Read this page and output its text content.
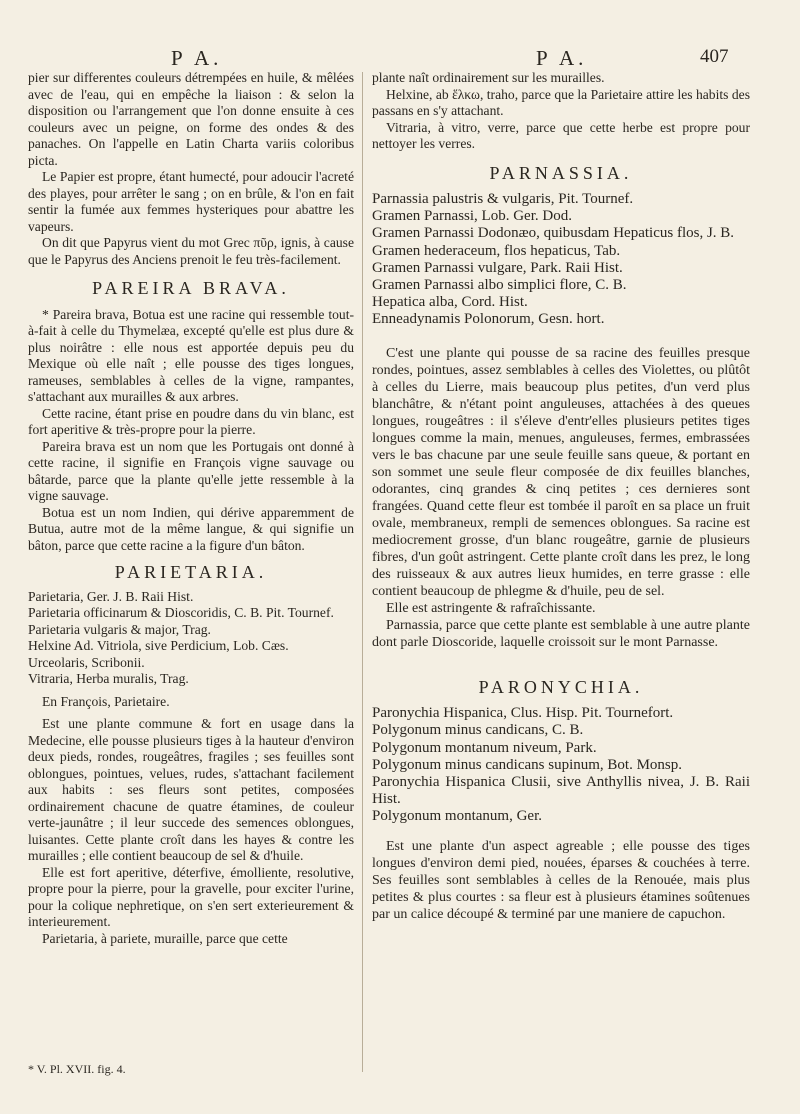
P A.	P A.	407

pier sur differentes couleurs détrempées en huile, & mêlées avec de l'eau, qui en empêche la liaison : & selon la disposition ou l'arrangement que l'on donne ensuite à ces couleurs avec un peigne, on forme des ondes & des panaches. On l'appelle en Latin Charta variis coloribus picta.

Le Papier est propre, étant humecté, pour adoucir l'acreté des playes, pour arrêter le sang ; on en brûle, & l'on en fait sentir la fumée aux femmes hysteriques pour abattre les vapeurs.

On dit que Papyrus vient du mot Grec πῦρ, ignis, à cause que le Papyrus des Anciens prenoit le feu très-facilement.

PAREIRA BRAVA.

* Pareira brava, Botua est une racine qui ressemble tout-à-fait à celle du Thymelæa, excepté qu'elle est plus dure & plus noirâtre : elle nous est apportée depuis peu du Mexique où elle naît ; elle pousse des tiges longues, rameuses, semblables à celles de la vigne, rampantes, s'attachant aux murailles & aux arbres.

Cette racine, étant prise en poudre dans du vin blanc, est fort aperitive & très-propre pour la pierre.

Pareira brava est un nom que les Portugais ont donné à cette racine, il signifie en François vigne sauvage ou bâtarde, parce que la plante qu'elle jette ressemble à la vigne sauvage.

Botua est un nom Indien, qui dérive apparemment de Butua, autre mot de la même langue, & qui signifie un bâton, parce que cette racine a la figure d'un bâton.

PARIETARIA.

Parietaria, Ger. J. B. Raii Hist.

Parietaria officinarum & Dioscoridis, C. B. Pit. Tournef.

Parietaria vulgaris & major, Trag.

Helxine Ad. Vitriola, sive Perdicium, Lob. Cæs.

Urceolaris, Scribonii.

Vitraria, Herba muralis, Trag.

En François, Parietaire.

Est une plante commune & fort en usage dans la Medecine, elle pousse plusieurs tiges à la hauteur d'environ deux pieds, rondes, rougeâtres, fragiles ; ses feuilles sont oblongues, pointues, velues, rudes, s'attachant facilement aux habits : ses fleurs sont petites, composées ordinairement chacune de quatre étamines, de couleur verte-jaunâtre ; il leur succede des semences oblongues, luisantes. Cette plante croît dans les hayes & contre les murailles ; elle contient beaucoup de sel & d'huile.

Elle est fort aperitive, déterfive, émolliente, resolutive, propre pour la pierre, pour la gravelle, pour exciter l'urine, pour la colique nephretique, on s'en sert exterieurement & interieurement.

Parietaria, à pariete, muraille, parce que cette

* V. Pl. XVII. fig. 4.

plante naît ordinairement sur les murailles.

Helxine, ab ἕλκω, traho, parce que la Parietaire attire les habits des passans en s'y attachant.

Vitraria, à vitro, verre, parce que cette herbe est propre pour nettoyer les verres.

PARNASSIA.

Parnassia palustris & vulgaris, Pit. Tournef.

Gramen Parnassi, Lob. Ger. Dod.

Gramen Parnassi Dodonæo, quibusdam Hepaticus flos, J. B.

Gramen hederaceum, flos hepaticus, Tab.

Gramen Parnassi vulgare, Park. Raii Hist.

Gramen Parnassi albo simplici flore, C. B.

Hepatica alba, Cord. Hist.

Enneadynamis Polonorum, Gesn. hort.

C'est une plante qui pousse de sa racine des feuilles presque rondes, pointues, assez semblables à celles des Violettes, ou plûtôt à celles du Lierre, mais beaucoup plus petites, d'un verd plus blanchâtre, & n'étant point anguleuses, attachées à des queues longues, rougeâtres : il s'éleve d'entr'elles plusieurs petites tiges longues comme la main, menues, anguleuses, fermes, embrassées vers le bas chacune par une seule feuille sans queue, & portant en son sommet une seule fleur composée de dix feuilles blanches, odorantes, cinq grandes & cinq petites ; ces dernieres sont frangées. Quand cette fleur est tombée il paroît en sa place un fruit ovale, membraneux, rempli de semences oblongues. Sa racine est mediocrement grosse, d'un blanc rougeâtre, garnie de plusieurs fibres, d'un goût astringent. Cette plante croît dans les prez, le long des ruisseaux & aux autres lieux humides, en terre grasse : elle contient beaucoup de phlegme & d'huile, peu de sel.

Elle est astringente & rafraîchissante.

Parnassia, parce que cette plante est semblable à une autre plante dont parle Dioscoride, laquelle croissoit sur le mont Parnasse.

PARONYCHIA.

Paronychia Hispanica, Clus. Hisp. Pit. Tournefort.

Polygonum minus candicans, C. B.

Polygonum montanum niveum, Park.

Polygonum minus candicans supinum, Bot. Monsp.

Paronychia Hispanica Clusii, sive Anthyllis nivea, J. B. Raii Hist.

Polygonum montanum, Ger.

Est une plante d'un aspect agreable ; elle pousse des tiges longues d'environ demi pied, nouées, éparses & couchées à terre. Ses feuilles sont semblables à celles de la Renouée, mais plus petites & plus courtes : sa fleur est à plusieurs étamines soûtenues par un calice découpé & terminé par une maniere de capuchon.
